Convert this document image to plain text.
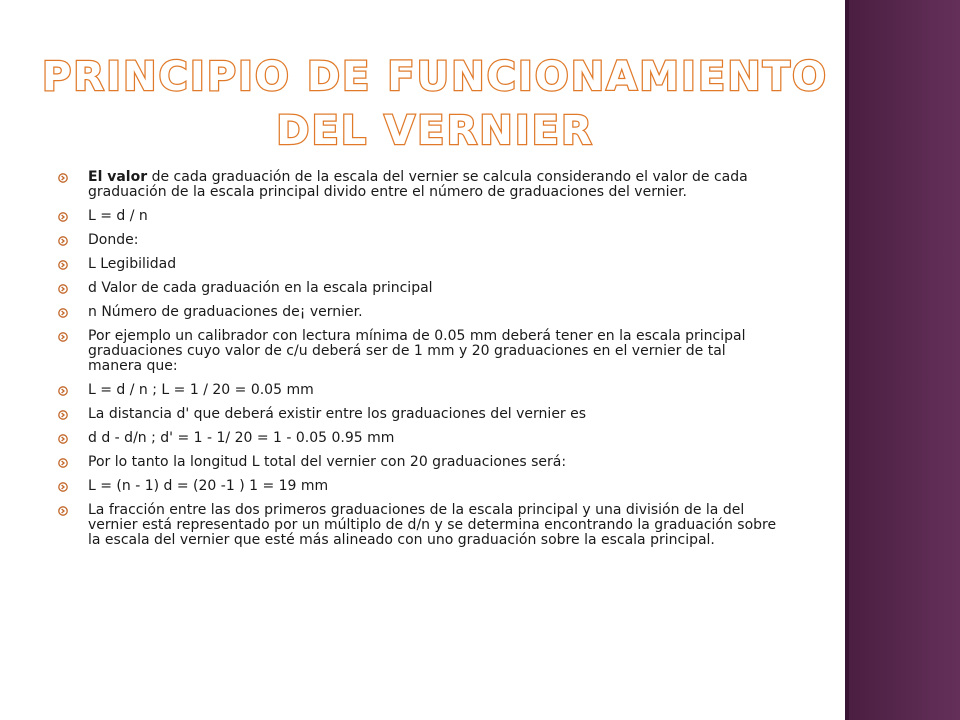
PRINCIPIO DE FUNCIONAMIENTO
DEL VERNIER
El valor de cada graduación de la escala del vernier se calcula considerando el valor de cada graduación de la escala principal divido entre el número de graduaciones del vernier.
L = d / n
Donde:
L Legibilidad
d Valor de cada graduación en la escala principal
n Número de graduaciones de¡ vernier.
Por ejemplo un calibrador con lectura mínima de 0.05 mm deberá tener en la escala principal graduaciones cuyo valor de c/u deberá ser de 1 mm y 20 graduaciones en el vernier de tal manera que:
L = d / n ; L = 1 / 20 = 0.05 mm
La distancia d' que deberá existir entre los graduaciones del vernier es
d d - d/n ; d' = 1 - 1/ 20 = 1 - 0.05 0.95 mm
Por lo tanto la longitud L total del vernier con 20 graduaciones será:
L = (n - 1) d = (20 -1 ) 1 = 19 mm
La fracción entre las dos primeros graduaciones de la escala principal y una división de la del vernier está representado por un múltiplo de d/n y se determina encontrando la graduación sobre la escala del vernier que esté más alineado con uno graduación sobre la escala principal.
